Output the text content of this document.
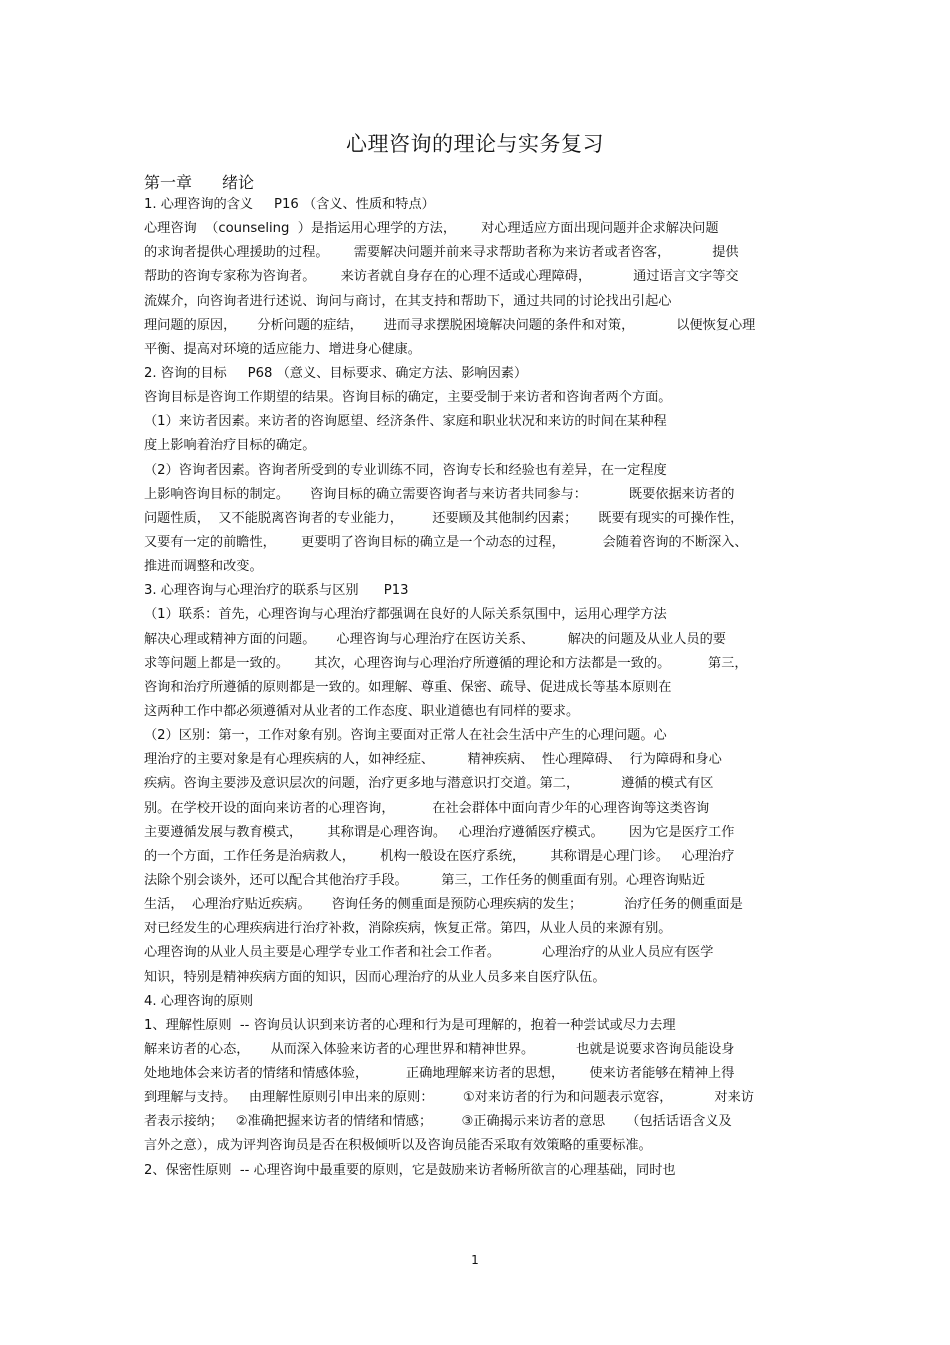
心理咨询的理论与实务复习
第一章 绪论
1. 心理咨询的含义     P16 （含义、性质和特点）
心理咨询  （counseling  ）是指运用心理学的方法，      对心理适应方面出现问题并企求解决问题
的求询者提供心理援助的过程。      需要解决问题并前来寻求帮助者称为来访者或者咨客，          提供
帮助的咨询专家称为咨询者。      来访者就自身存在的心理不适或心理障碍，          通过语言文字等交
流媒介，向咨询者进行述说、询问与商讨，在其支持和帮助下，通过共同的讨论找出引起心
理问题的原因，     分析问题的症结，     进而寻求摆脱困境解决问题的条件和对策，          以便恢复心理
平衡、提高对环境的适应能力、增进身心健康。
2. 咨询的目标     P68 （意义、目标要求、确定方法、影响因素）
咨询目标是咨询工作期望的结果。咨询目标的确定，主要受制于来访者和咨询者两个方面。
（1）来访者因素。来访者的咨询愿望、经济条件、家庭和职业状况和来访的时间在某种程
度上影响着治疗目标的确定。
（2）咨询者因素。咨询者所受到的专业训练不同，咨询专长和经验也有差异，在一定程度
上影响咨询目标的制定。     咨询目标的确立需要咨询者与来访者共同参与：          既要依据来访者的
问题性质，  又不能脱离咨询者的专业能力，       还要顾及其他制约因素；     既要有现实的可操作性，
又要有一定的前瞻性，      更要明了咨询目标的确立是一个动态的过程，         会随着咨询的不断深入、
推进而调整和改变。
3. 心理咨询与心理治疗的联系与区别      P13
（1）联系：首先，心理咨询与心理治疗都强调在良好的人际关系氛围中，运用心理学方法
解决心理或精神方面的问题。     心理咨询与心理治疗在医访关系、        解决的问题及从业人员的要
求等问题上都是一致的。      其次，心理咨询与心理治疗所遵循的理论和方法都是一致的。         第三，
咨询和治疗所遵循的原则都是一致的。如理解、尊重、保密、疏导、促进成长等基本原则在
这两种工作中都必须遵循对从业者的工作态度、职业道德也有同样的要求。
（2）区别：第一，工作对象有别。咨询主要面对正常人在社会生活中产生的心理问题。心
理治疗的主要对象是有心理疾病的人，如神经症、        精神疾病、  性心理障碍、  行为障碍和身心
疾病。咨询主要涉及意识层次的问题，治疗更多地与潜意识打交道。第二，          遵循的模式有区
别。在学校开设的面向来访者的心理咨询，         在社会群体中面向青少年的心理咨询等这类咨询
主要遵循发展与教育模式，      其称谓是心理咨询。   心理治疗遵循医疗模式。      因为它是医疗工作
的一个方面，工作任务是治病救人，      机构一般设在医疗系统，      其称谓是心理门诊。   心理治疗
法除个别会谈外，还可以配合其他治疗手段。        第三，工作任务的侧重面有别。心理咨询贴近
生活，  心理治疗贴近疾病。     咨询任务的侧重面是预防心理疾病的发生；          治疗任务的侧重面是
对已经发生的心理疾病进行治疗补救，消除疾病，恢复正常。第四，从业人员的来源有别。
心理咨询的从业人员主要是心理学专业工作者和社会工作者。          心理治疗的从业人员应有医学
知识，特别是精神疾病方面的知识，因而心理治疗的从业人员多来自医疗队伍。
4. 心理咨询的原则
1、理解性原则  -- 咨询员认识到来访者的心理和行为是可理解的，抱着一种尝试或尽力去理
解来访者的心态，     从而深入体验来访者的心理世界和精神世界。          也就是说要求咨询员能设身
处地地体会来访者的情绪和情感体验，         正确地理解来访者的思想，      使来访者能够在精神上得
到理解与支持。   由理解性原则引申出来的原则：       ①对来访者的行为和问题表示宽容，          对来访
者表示接纳；   ②准确把握来访者的情绪和情感；       ③正确揭示来访者的意思     （包括话语含义及
言外之意），成为评判咨询员是否在积极倾听以及咨询员能否采取有效策略的重要标准。
2、保密性原则  -- 心理咨询中最重要的原则，它是鼓励来访者畅所欲言的心理基础，同时也
1
